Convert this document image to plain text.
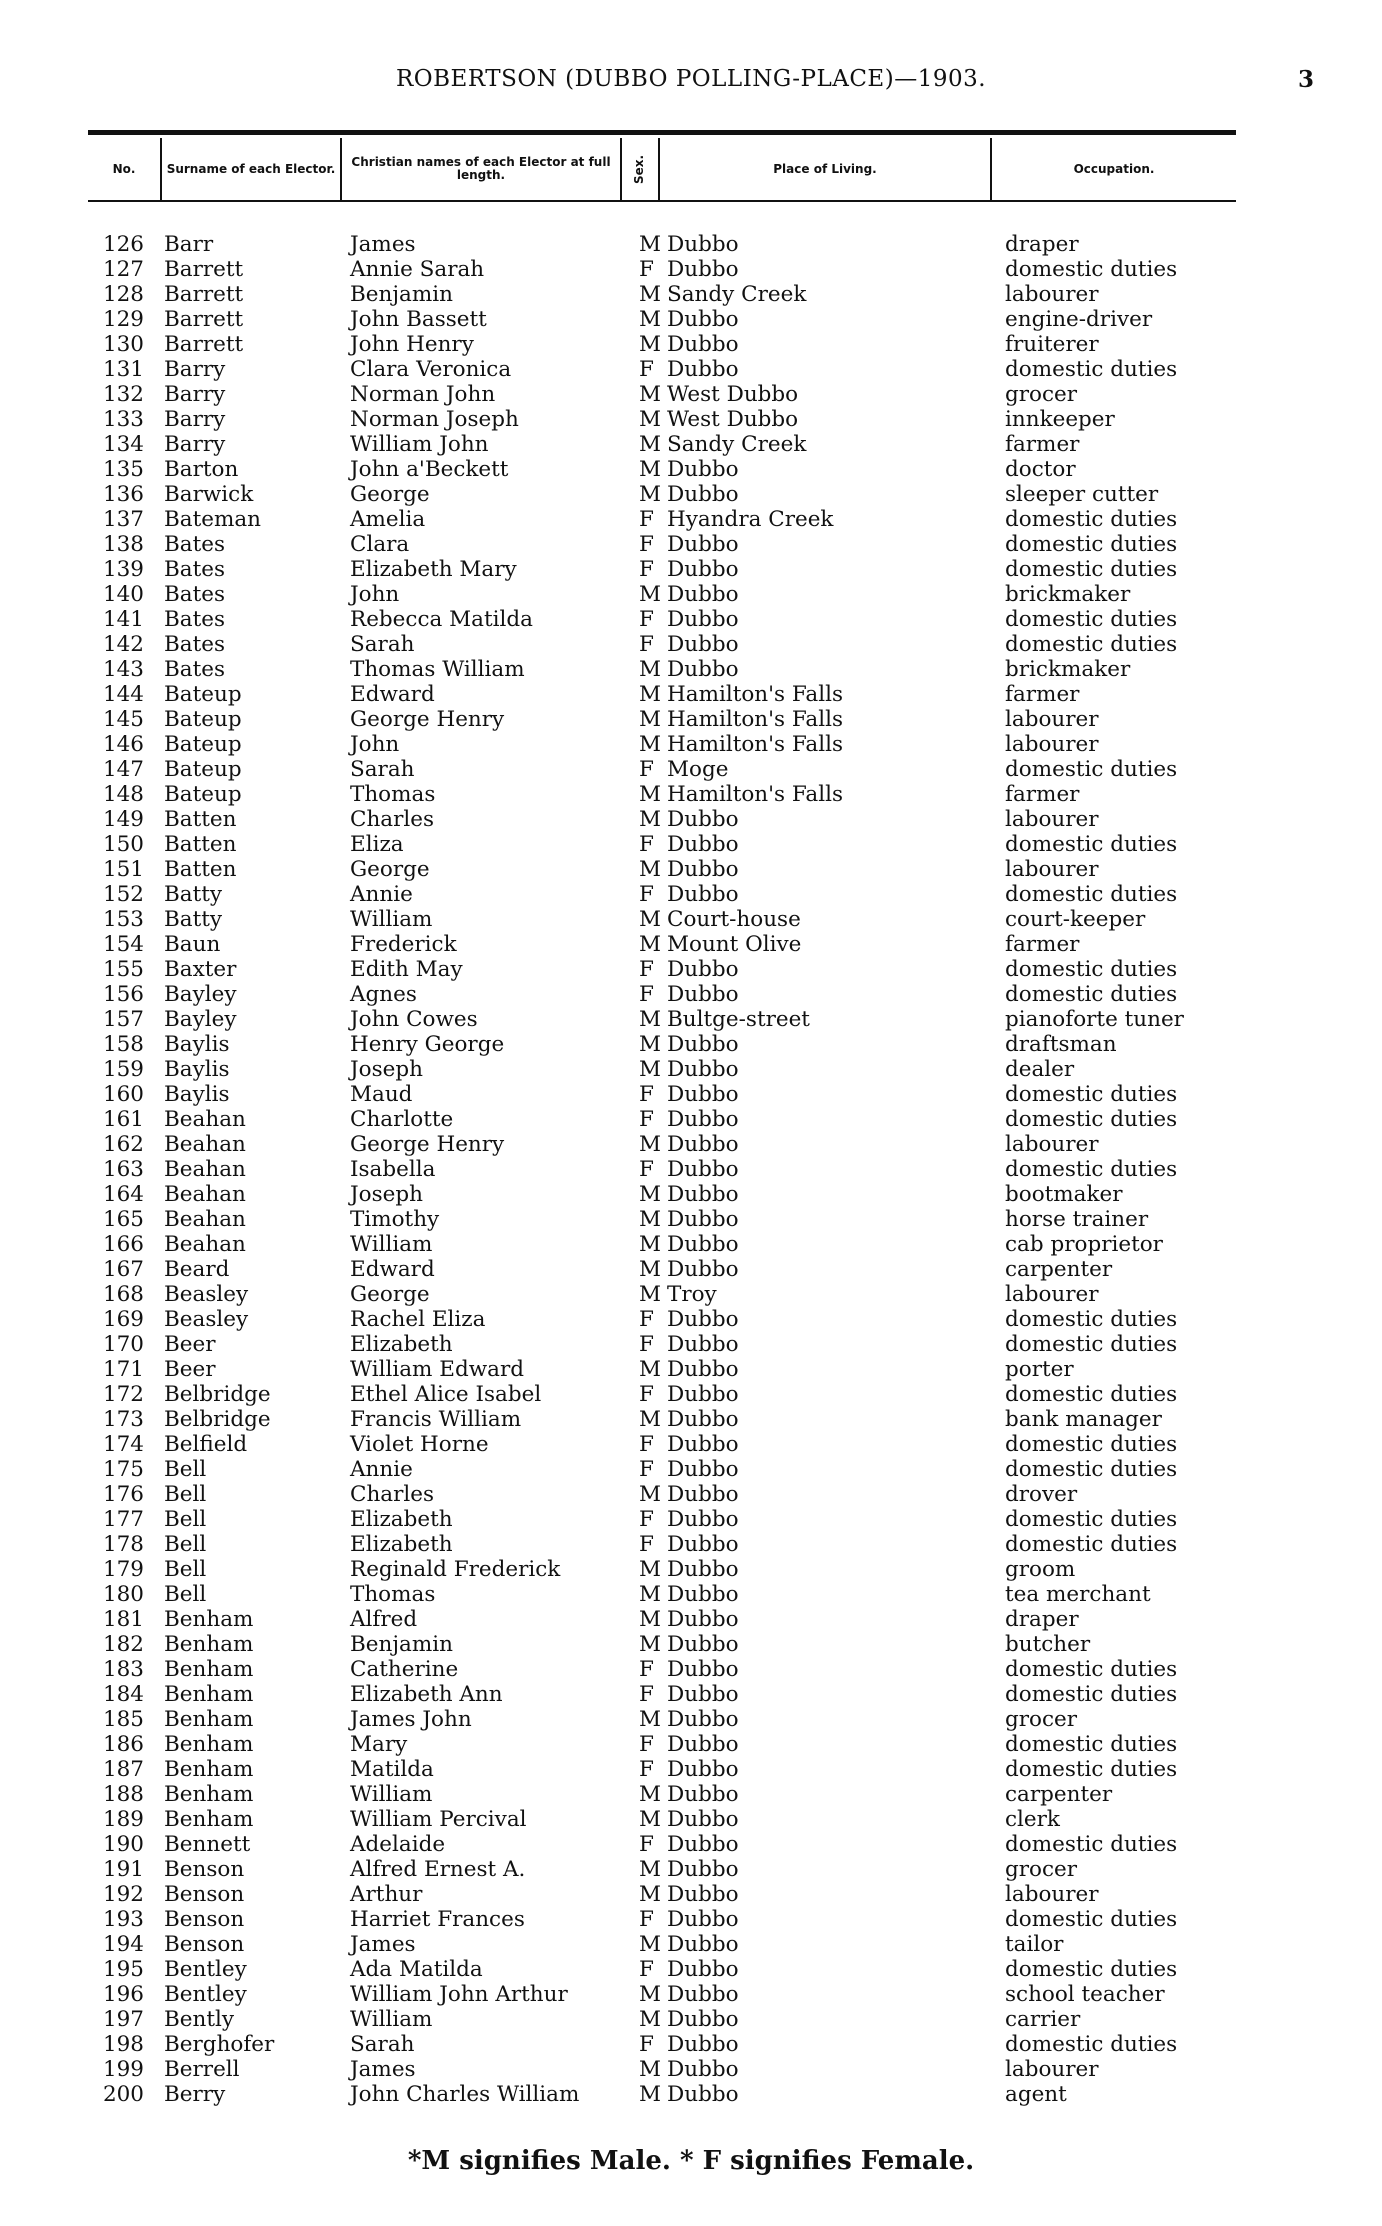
ROBERTSON (DUBBO POLLING-PLACE)—1903.	3
No.	Surname of each Elector.	Christian names of each Elector at full length.	Sex.	Place of Living.	Occupation.
126 Barr	James	M Dubbo	draper
127 Barrett	Annie Sarah	F Dubbo	domestic duties
128 Barrett	Benjamin	M Sandy Creek	labourer
129 Barrett	John Bassett	M Dubbo	engine-driver
130 Barrett	John Henry	M Dubbo	fruiterer
131 Barry	Clara Veronica	F Dubbo	domestic duties
132 Barry	Norman John	M West Dubbo	grocer
133 Barry	Norman Joseph	M West Dubbo	innkeeper
134 Barry	William John	M Sandy Creek	farmer
135 Barton	John a'Beckett	M Dubbo	doctor
136 Barwick	George	M Dubbo	sleeper cutter
137 Bateman	Amelia	F Hyandra Creek	domestic duties
138 Bates	Clara	F Dubbo	domestic duties
139 Bates	Elizabeth Mary	F Dubbo	domestic duties
140 Bates	John	M Dubbo	brickmaker
141 Bates	Rebecca Matilda	F Dubbo	domestic duties
142 Bates	Sarah	F Dubbo	domestic duties
143 Bates	Thomas William	M Dubbo	brickmaker
144 Bateup	Edward	M Hamilton's Falls	farmer
145 Bateup	George Henry	M Hamilton's Falls	labourer
146 Bateup	John	M Hamilton's Falls	labourer
147 Bateup	Sarah	F Moge	domestic duties
148 Bateup	Thomas	M Hamilton's Falls	farmer
149 Batten	Charles	M Dubbo	labourer
150 Batten	Eliza	F Dubbo	domestic duties
151 Batten	George	M Dubbo	labourer
152 Batty	Annie	F Dubbo	domestic duties
153 Batty	William	M Court-house	court-keeper
154 Baun	Frederick	M Mount Olive	farmer
155 Baxter	Edith May	F Dubbo	domestic duties
156 Bayley	Agnes	F Dubbo	domestic duties
157 Bayley	John Cowes	M Bultge-street	pianoforte tuner
158 Baylis	Henry George	M Dubbo	draftsman
159 Baylis	Joseph	M Dubbo	dealer
160 Baylis	Maud	F Dubbo	domestic duties
161 Beahan	Charlotte	F Dubbo	domestic duties
162 Beahan	George Henry	M Dubbo	labourer
163 Beahan	Isabella	F Dubbo	domestic duties
164 Beahan	Joseph	M Dubbo	bootmaker
165 Beahan	Timothy	M Dubbo	horse trainer
166 Beahan	William	M Dubbo	cab proprietor
167 Beard	Edward	M Dubbo	carpenter
168 Beasley	George	M Troy	labourer
169 Beasley	Rachel Eliza	F Dubbo	domestic duties
170 Beer	Elizabeth	F Dubbo	domestic duties
171 Beer	William Edward	M Dubbo	porter
172 Belbridge	Ethel Alice Isabel	F Dubbo	domestic duties
173 Belbridge	Francis William	M Dubbo	bank manager
174 Belfield	Violet Horne	F Dubbo	domestic duties
175 Bell	Annie	F Dubbo	domestic duties
176 Bell	Charles	M Dubbo	drover
177 Bell	Elizabeth	F Dubbo	domestic duties
178 Bell	Elizabeth	F Dubbo	domestic duties
179 Bell	Reginald Frederick	M Dubbo	groom
180 Bell	Thomas	M Dubbo	tea merchant
181 Benham	Alfred	M Dubbo	draper
182 Benham	Benjamin	M Dubbo	butcher
183 Benham	Catherine	F Dubbo	domestic duties
184 Benham	Elizabeth Ann	F Dubbo	domestic duties
185 Benham	James John	M Dubbo	grocer
186 Benham	Mary	F Dubbo	domestic duties
187 Benham	Matilda	F Dubbo	domestic duties
188 Benham	William	M Dubbo	carpenter
189 Benham	William Percival	M Dubbo	clerk
190 Bennett	Adelaide	F Dubbo	domestic duties
191 Benson	Alfred Ernest A.	M Dubbo	grocer
192 Benson	Arthur	M Dubbo	labourer
193 Benson	Harriet Frances	F Dubbo	domestic duties
194 Benson	James	M Dubbo	tailor
195 Bentley	Ada Matilda	F Dubbo	domestic duties
196 Bentley	William John Arthur	M Dubbo	school teacher
197 Bently	William	M Dubbo	carrier
198 Berghofer	Sarah	F Dubbo	domestic duties
199 Berrell	James	M Dubbo	labourer
200 Berry	John Charles William	M Dubbo	agent
*M signifies Male. * F signifies Female.
